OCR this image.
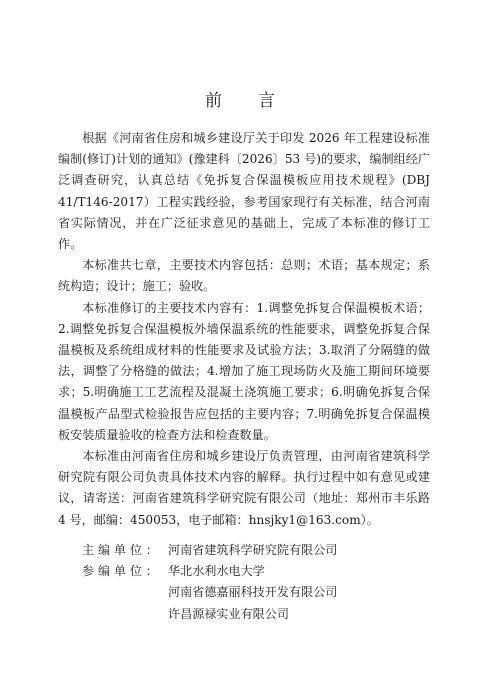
前 言

根据《河南省住房和城乡建设厅关于印发 2026 年工程建设标准编制(修订)计划的通知》(豫建科〔2026〕53 号)的要求，编制组经广泛调查研究，认真总结《免拆复合保温模板应用技术规程》(DBJ 41/T146-2017）工程实践经验，参考国家现行有关标准，结合河南省实际情况，并在广泛征求意见的基础上，完成了本标准的修订工作。

本标准共七章，主要技术内容包括：总则；术语；基本规定；系统构造；设计；施工；验收。

本标准修订的主要技术内容有：1.调整免拆复合保温模板术语；2.调整免拆复合保温模板外墙保温系统的性能要求，调整免拆复合保温模板及系统组成材料的性能要求及试验方法；3.取消了分隔缝的做法，调整了分格缝的做法；4.增加了施工现场防火及施工期间环境要求；5.明确施工工艺流程及混凝土浇筑施工要求；6.明确免拆复合保温模板产品型式检验报告应包括的主要内容；7.明确免拆复合保温模板安装质量验收的检查方法和检查数量。

本标准由河南省住房和城乡建设厅负责管理，由河南省建筑科学研究院有限公司负责具体技术内容的解释。执行过程中如有意见或建议，请寄送：河南省建筑科学研究院有限公司（地址：郑州市丰乐路 4 号，邮编：450053，电子邮箱：hnsjky1@163.com）。

主 编 单 位 ： 河南省建筑科学研究院有限公司
参 编 单 位 ： 华北水利水电大学
河南省德嘉丽科技开发有限公司
许昌源禄实业有限公司
